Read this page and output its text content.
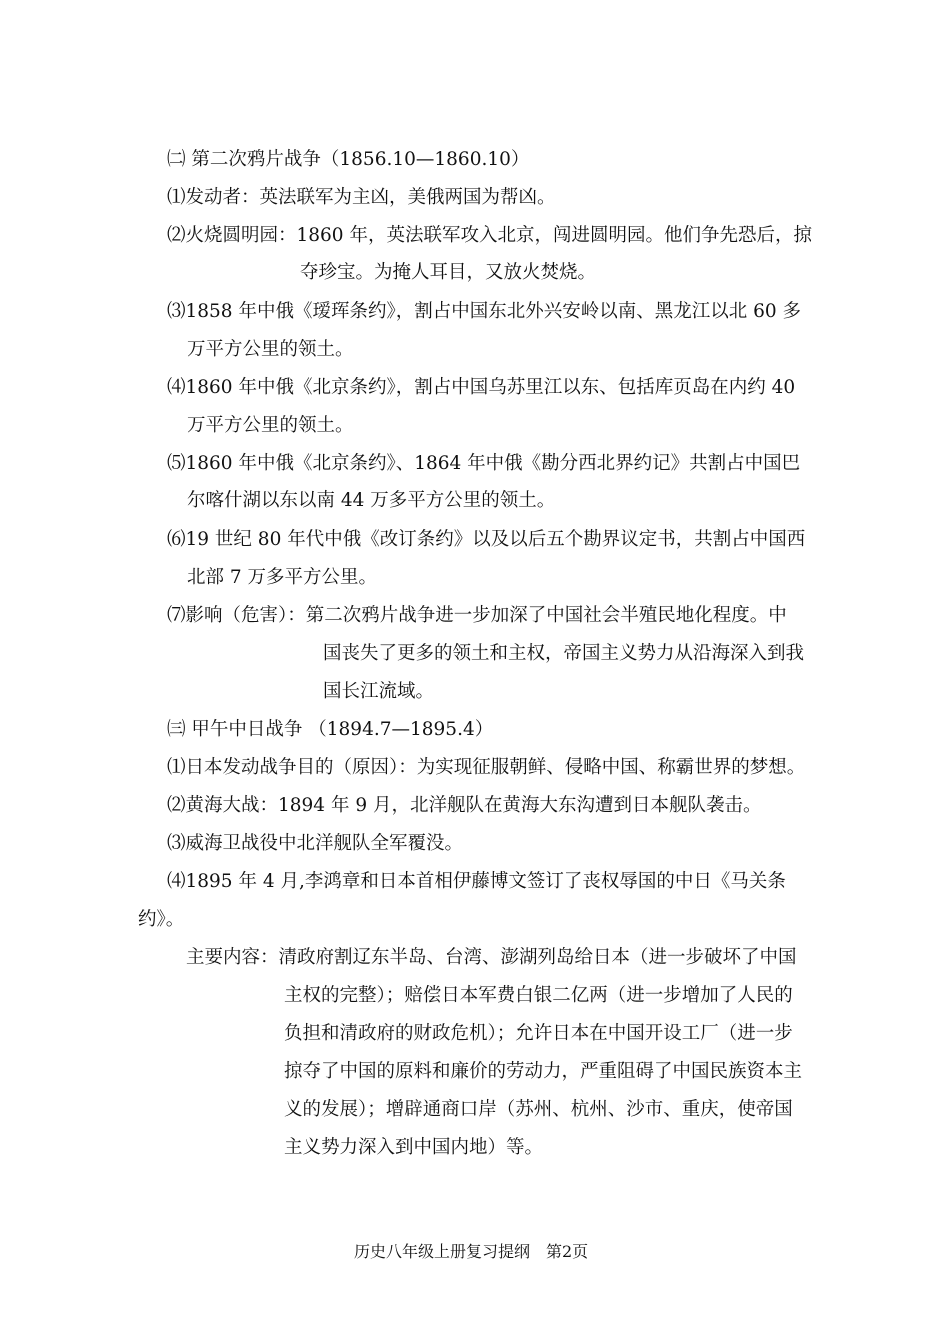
㈡ 第二次鸦片战争（1856.10—1860.10）
⑴发动者：英法联军为主凶，美俄两国为帮凶。
⑵火烧圆明园：1860 年，英法联军攻入北京，闯进圆明园。他们争先恐后，掠
夺珍宝。为掩人耳目，又放火焚烧。
⑶1858 年中俄《瑷珲条约》，割占中国东北外兴安岭以南、黑龙江以北 60 多
万平方公里的领土。
⑷1860 年中俄《北京条约》，割占中国乌苏里江以东、包括库页岛在内约 40
万平方公里的领土。
⑸1860 年中俄《北京条约》、1864 年中俄《勘分西北界约记》共割占中国巴
尔喀什湖以东以南 44 万多平方公里的领土。
⑹19 世纪 80 年代中俄《改订条约》以及以后五个勘界议定书，共割占中国西
北部 7 万多平方公里。
⑺影响（危害）：第二次鸦片战争进一步加深了中国社会半殖民地化程度。中
国丧失了更多的领土和主权，帝国主义势力从沿海深入到我
国长江流域。
㈢ 甲午中日战争 （1894.7—1895.4）
⑴日本发动战争目的（原因）：为实现征服朝鲜、侵略中国、称霸世界的梦想。
⑵黄海大战：1894 年 9 月，北洋舰队在黄海大东沟遭到日本舰队袭击。
⑶威海卫战役中北洋舰队全军覆没。
⑷1895 年 4 月,李鸿章和日本首相伊藤博文签订了丧权辱国的中日《马关条
约》。
主要内容：清政府割辽东半岛、台湾、澎湖列岛给日本（进一步破坏了中国
主权的完整）；赔偿日本军费白银二亿两（进一步增加了人民的
负担和清政府的财政危机）；允许日本在中国开设工厂（进一步
掠夺了中国的原料和廉价的劳动力，严重阻碍了中国民族资本主
义的发展）；增辟通商口岸（苏州、杭州、沙市、重庆，使帝国
主义势力深入到中国内地）等。
历史八年级上册复习提纲　第2页
